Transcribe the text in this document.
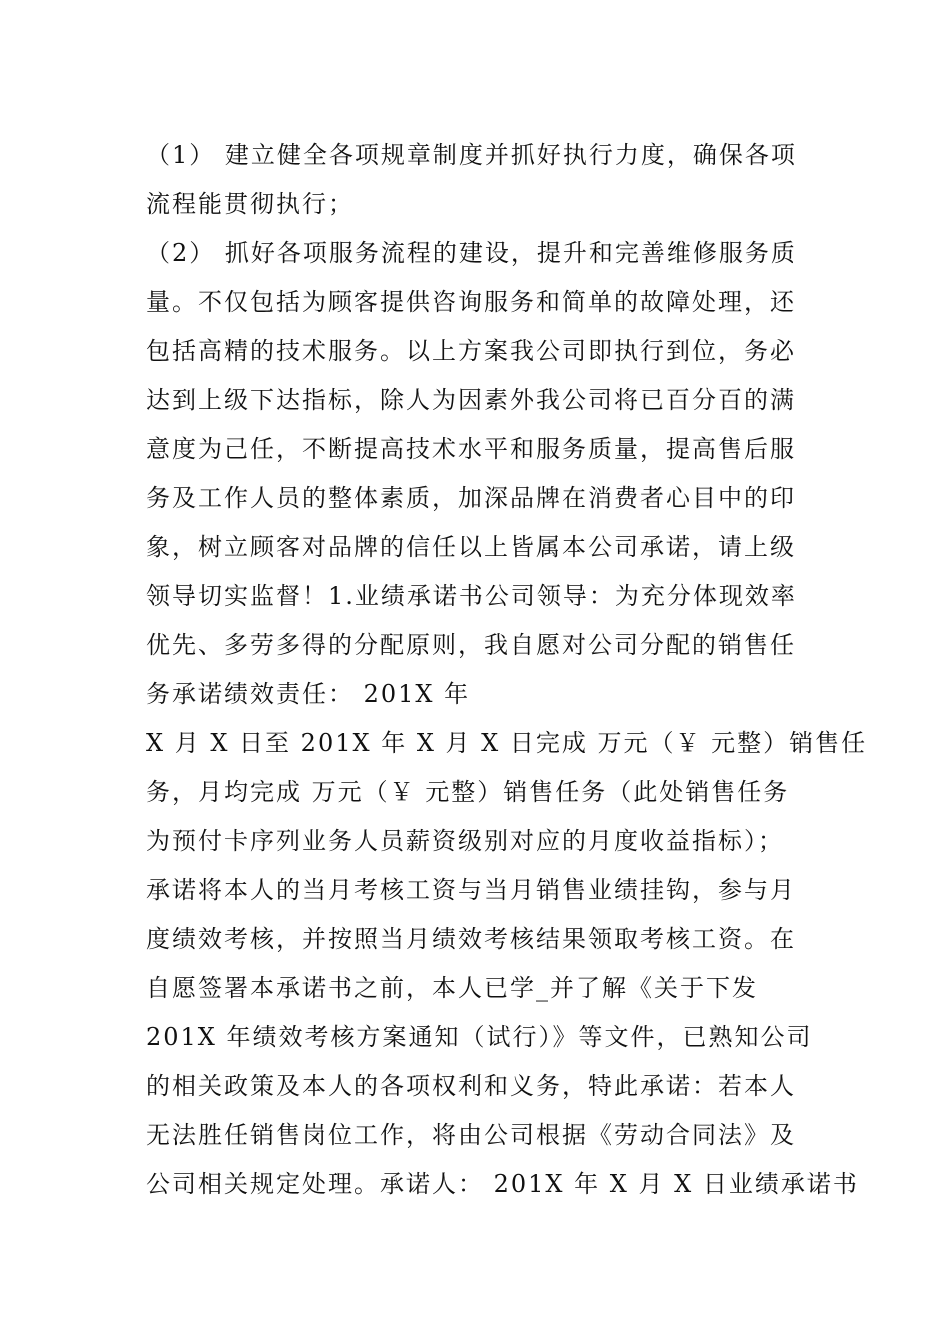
（1） 建立健全各项规章制度并抓好执行力度，确保各项
流程能贯彻执行；
（2） 抓好各项服务流程的建设，提升和完善维修服务质
量。不仅包括为顾客提供咨询服务和简单的故障处理，还
包括高精的技术服务。以上方案我公司即执行到位，务必
达到上级下达指标，除人为因素外我公司将已百分百的满
意度为己任，不断提高技术水平和服务质量，提高售后服
务及工作人员的整体素质，加深品牌在消费者心目中的印
象，树立顾客对品牌的信任以上皆属本公司承诺，请上级
领导切实监督！1.业绩承诺书公司领导：为充分体现效率
优先、多劳多得的分配原则，我自愿对公司分配的销售任
务承诺绩效责任： 201X 年
X 月 X 日至 201X 年 X 月 X 日完成 万元（￥ 元整）销售任
务，月均完成 万元（￥ 元整）销售任务（此处销售任务
为预付卡序列业务人员薪资级别对应的月度收益指标）；
承诺将本人的当月考核工资与当月销售业绩挂钩，参与月
度绩效考核，并按照当月绩效考核结果领取考核工资。在
自愿签署本承诺书之前，本人已学_并了解《关于下发
201X 年绩效考核方案通知（试行）》等文件，已熟知公司
的相关政策及本人的各项权利和义务，特此承诺：若本人
无法胜任销售岗位工作，将由公司根据《劳动合同法》及
公司相关规定处理。承诺人： 201X 年 X 月 X 日业绩承诺书
